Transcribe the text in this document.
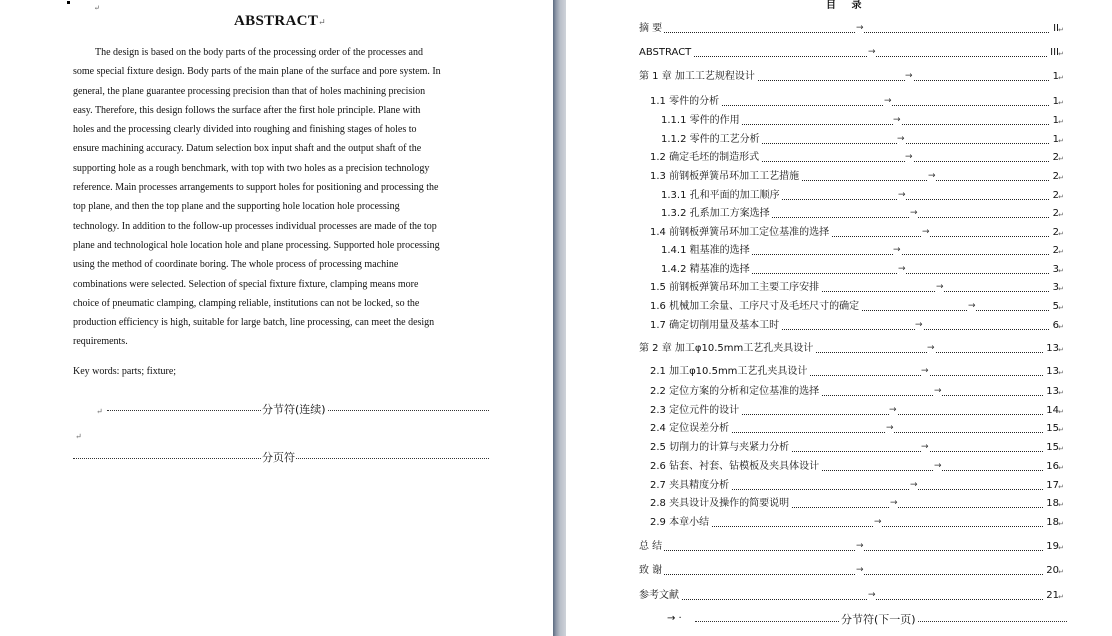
↵
ABSTRACT↵
The design is based on the body parts of the processing order of the processes and
some special fixture design. Body parts of the main plane of the surface and pore system. In
general, the plane guarantee processing precision than that of holes machining precision
easy. Therefore, this design follows the surface after the first hole principle. Plane with
holes and the processing clearly divided into roughing and finishing stages of holes to
ensure machining accuracy. Datum selection box input shaft and the output shaft of the
supporting hole as a rough benchmark, with top with two holes as a precision technology
reference. Main processes arrangements to support holes for positioning and processing the
top plane, and then the top plane and the supporting hole location hole processing
technology. In addition to the follow-up processes individual processes are made of the top
plane and technological hole location hole and plane processing. Supported hole processing
using the method of coordinate boring. The whole process of processing machine
combinations were selected. Selection of special fixture fixture, clamping means more
choice of pneumatic clamping, clamping reliable, institutions can not be locked, so the
production efficiency is high, suitable for large batch, line processing, can meet the design
requirements.
Key words: parts; fixture;
↵	分节符(连续)
↵
分页符
目 录
→
摘 要	II ↵
→
ABSTRACT	III ↵
→
第 1 章 加工工艺规程设计	1 ↵
→
1.1 零件的分析	1 ↵
→
1.1.1 零件的作用	1 ↵
→
1.1.2 零件的工艺分析	1 ↵
→
1.2 确定毛坯的制造形式	2 ↵
→
1.3 前钢板弹簧吊环加工工艺措施	2 ↵
→
1.3.1 孔和平面的加工顺序	2 ↵
→
1.3.2 孔系加工方案选择	2 ↵
→
1.4 前钢板弹簧吊环加工定位基准的选择	2 ↵
→
1.4.1 粗基准的选择	2 ↵
→
1.4.2 精基准的选择	3 ↵
→
1.5 前钢板弹簧吊环加工主要工序安排	3 ↵
→
1.6 机械加工余量、工序尺寸及毛坯尺寸的确定	5 ↵
→
1.7 确定切削用量及基本工时	6 ↵
→
第 2 章 加工φ10.5mm工艺孔夹具设计	13 ↵
→
2.1 加工φ10.5mm工艺孔夹具设计	13 ↵
→
2.2 定位方案的分析和定位基准的选择	13 ↵
→
2.3 定位元件的设计	14 ↵
→
2.4 定位误差分析	15 ↵
→
2.5 切削力的计算与夹紧力分析	15 ↵
→
2.6 钻套、衬套、钻模板及夹具体设计	16 ↵
→
2.7 夹具精度分析	17 ↵
→
2.8 夹具设计及操作的简要说明	18 ↵
→
2.9 本章小结	18 ↵
→
总 结	19 ↵
→
致 谢	20 ↵
→
参考文献	21 ↵
→ ·	分节符(下一页)
